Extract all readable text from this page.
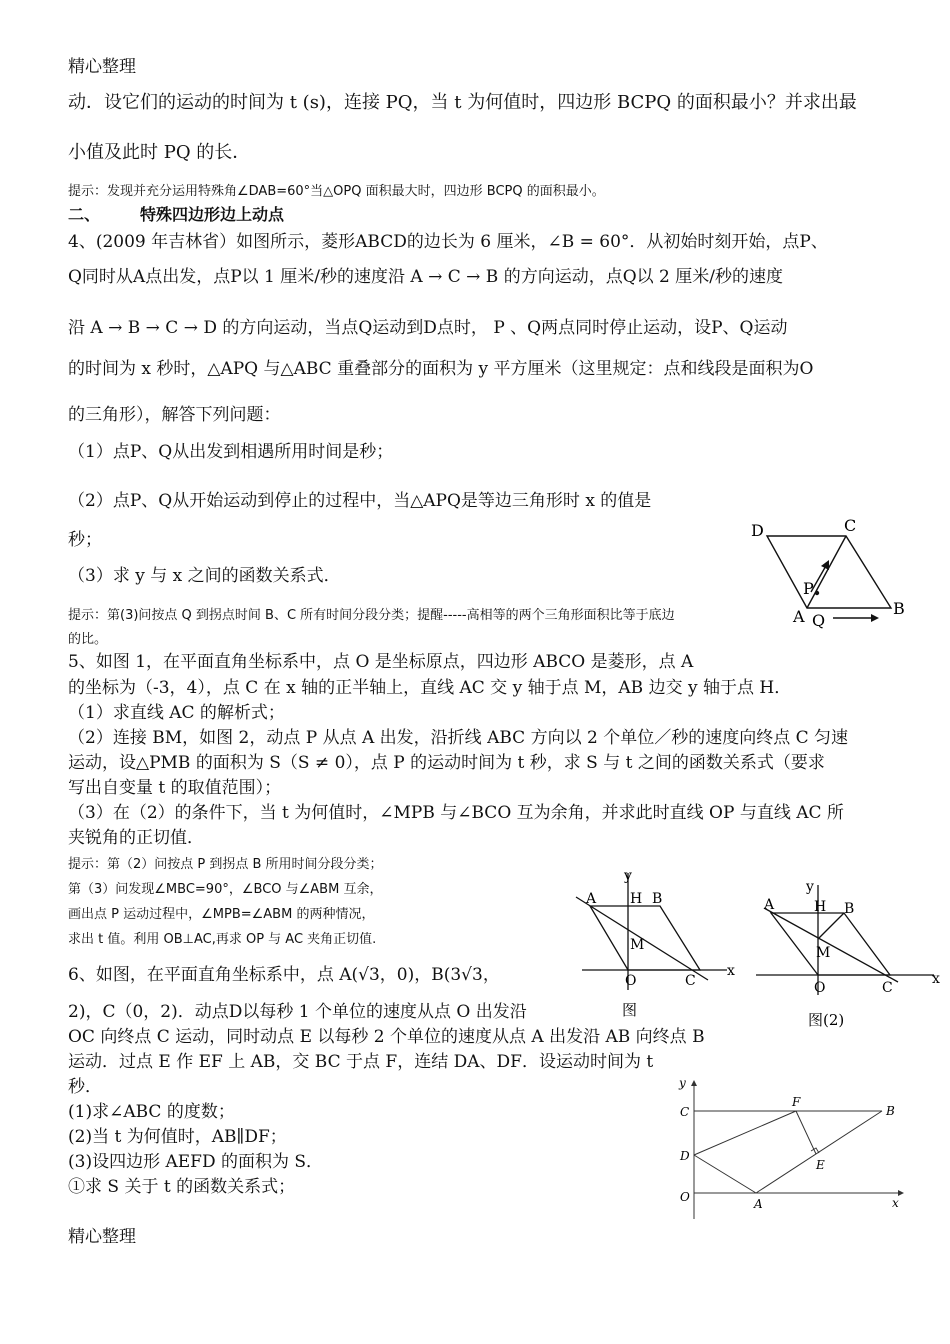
精心整理
动．设它们的运动的时间为 t (s)，连接 PQ，当 t 为何值时，四边形 BCPQ 的面积最小？并求出最
小值及此时 PQ 的长．
提示：发现并充分运用特殊角∠DAB=60°当△OPQ 面积最大时，四边形 BCPQ 的面积最小。
二、	特殊四边形边上动点
4、(2009 年吉林省）如图所示，菱形ABCD的边长为 6 厘米，∠B = 60°．从初始时刻开始，点P、
Q同时从A点出发，点P以 1 厘米/秒的速度沿 A → C → B 的方向运动，点Q以 2 厘米/秒的速度
沿 A → B → C → D 的方向运动，当点Q运动到D点时， P 、Q两点同时停止运动，设P、Q运动
的时间为 x 秒时，△APQ 与△ABC 重叠部分的面积为 y 平方厘米（这里规定：点和线段是面积为O
的三角形），解答下列问题：
（1）点P、Q从出发到相遇所用时间是秒；
（2）点P、Q从开始运动到停止的过程中，当△APQ是等边三角形时 x 的值是
秒；
（3）求 y 与 x 之间的函数关系式．
提示：第(3)问按点 Q 到拐点时间 B、C 所有时间分段分类；提醒-----高相等的两个三角形面积比等于底边
的比。
D	C
B
A
P
Q
5、如图 1，在平面直角坐标系中，点 O 是坐标原点，四边形 ABCO 是菱形，点 A
的坐标为（-3，4），点 C 在 x 轴的正半轴上，直线 AC 交 y 轴于点 M，AB 边交 y 轴于点 H．
（1）求直线 AC 的解析式；
（2）连接 BM，如图 2，动点 P 从点 A 出发，沿折线 ABC 方向以 2 个单位／秒的速度向终点 C 匀速
运动，设△PMB 的面积为 S（S ≠ 0），点 P 的运动时间为 t 秒，求 S 与 t 之间的函数关系式（要求
写出自变量 t 的取值范围）；
（3）在（2）的条件下，当 t 为何值时，∠MPB 与∠BCO 互为余角，并求此时直线 OP 与直线 AC 所
夹锐角的正切值．
提示：第（2）问按点 P 到拐点 B 所用时间分段分类；
第（3）问发现∠MBC=90°，∠BCO 与∠ABM 互余，
画出点 P 运动过程中，∠MPB=∠ABM 的两种情况，
求出 t 值。利用 OB⊥AC,再求 OP 与 AC 夹角正切值.
y
x
A H B
M
O	C
图
y
x
A	H B
M
O	C
图(2)
6、如图，在平面直角坐标系中，点 A(√3，0)，B(3√3，
2)，C（0，2)．动点D以每秒 1 个单位的速度从点 O 出发沿
OC 向终点 C 运动，同时动点 E 以每秒 2 个单位的速度从点 A 出发沿 AB 向终点 B
运动．过点 E 作 EF 上 AB，交 BC 于点 F，连结 DA、DF．设运动时间为 t
秒．
(1)求∠ABC 的度数；
(2)当 t 为何值时，AB∥DF；
(3)设四边形 AEFD 的面积为 S．
①求 S 关于 t 的函数关系式；
y
x
C
F
B
D
E
O	A
精心整理
